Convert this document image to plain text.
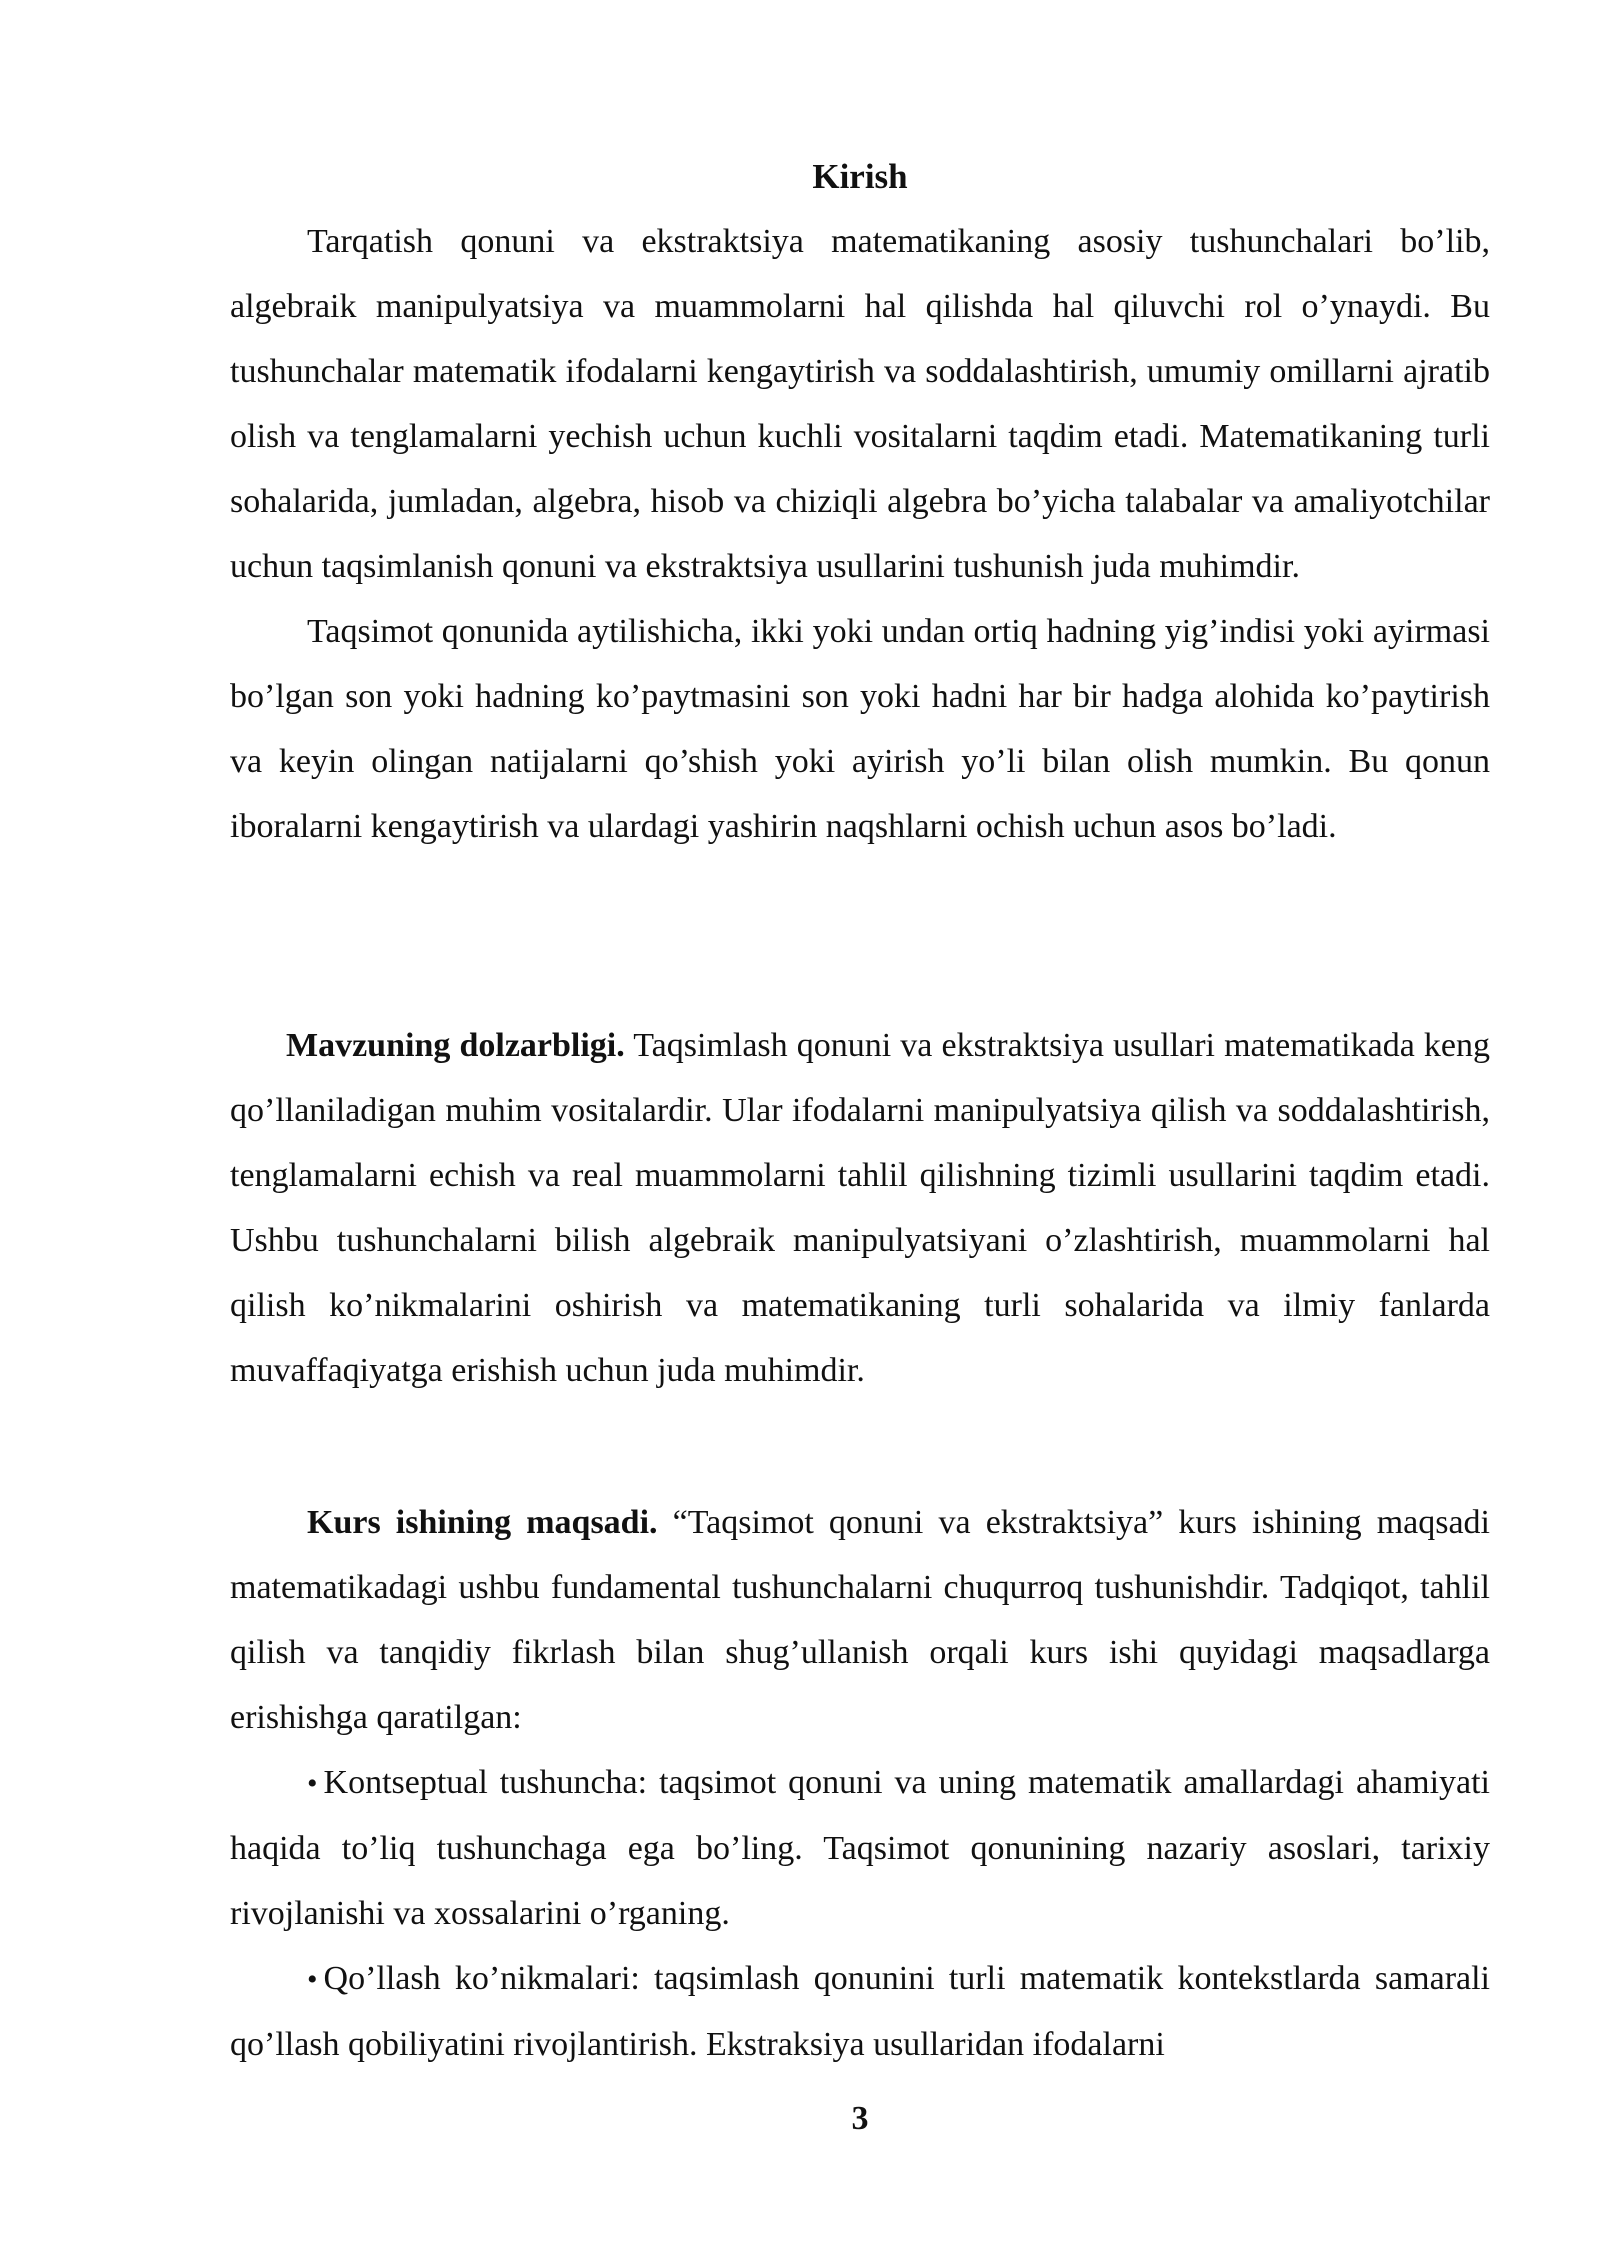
Kirish

Tarqatish qonuni va ekstraktsiya matematikaning asosiy tushunchalari bo’lib, algebraik manipulyatsiya va muammolarni hal qilishda hal qiluvchi rol o’ynaydi. Bu tushunchalar matematik ifodalarni kengaytirish va soddalashtirish, umumiy omillarni ajratib olish va tenglamalarni yechish uchun kuchli vositalarni taqdim etadi. Matematikaning turli sohalarida, jumladan, algebra, hisob va chiziqli algebra bo’yicha talabalar va amaliyotchilar uchun taqsimlanish qonuni va ekstraktsiya usullarini tushunish juda muhimdir.

Taqsimot qonunida aytilishicha, ikki yoki undan ortiq hadning yig’indisi yoki ayirmasi bo’lgan son yoki hadning ko’paytmasini son yoki hadni har bir hadga alohida ko’paytirish va keyin olingan natijalarni qo’shish yoki ayirish yo’li bilan olish mumkin. Bu qonun iboralarni kengaytirish va ulardagi yashirin naqshlarni ochish uchun asos bo’ladi.

Mavzuning dolzarbligi. Taqsimlash qonuni va ekstraktsiya usullari matematikada keng qo’llaniladigan muhim vositalardir. Ular ifodalarni manipulyatsiya qilish va soddalashtirish, tenglamalarni echish va real muammolarni tahlil qilishning tizimli usullarini taqdim etadi. Ushbu tushunchalarni bilish algebraik manipulyatsiyani o’zlashtirish, muammolarni hal qilish ko’nikmalarini oshirish va matematikaning turli sohalarida va ilmiy fanlarda muvaffaqiyatga erishish uchun juda muhimdir.

Kurs ishining maqsadi. “Taqsimot qonuni va ekstraktsiya” kurs ishining maqsadi matematikadagi ushbu fundamental tushunchalarni chuqurroq tushunishdir. Tadqiqot, tahlil qilish va tanqidiy fikrlash bilan shug’ullanish orqali kurs ishi quyidagi maqsadlarga erishishga qaratilgan:

• Kontseptual tushuncha: taqsimot qonuni va uning matematik amallardagi ahamiyati haqida to’liq tushunchaga ega bo’ling. Taqsimot qonunining nazariy asoslari, tarixiy rivojlanishi va xossalarini o’rganing.

• Qo’llash ko’nikmalari: taqsimlash qonunini turli matematik kontekstlarda samarali qo’llash qobiliyatini rivojlantirish. Ekstraksiya usullaridan ifodalarni

3
